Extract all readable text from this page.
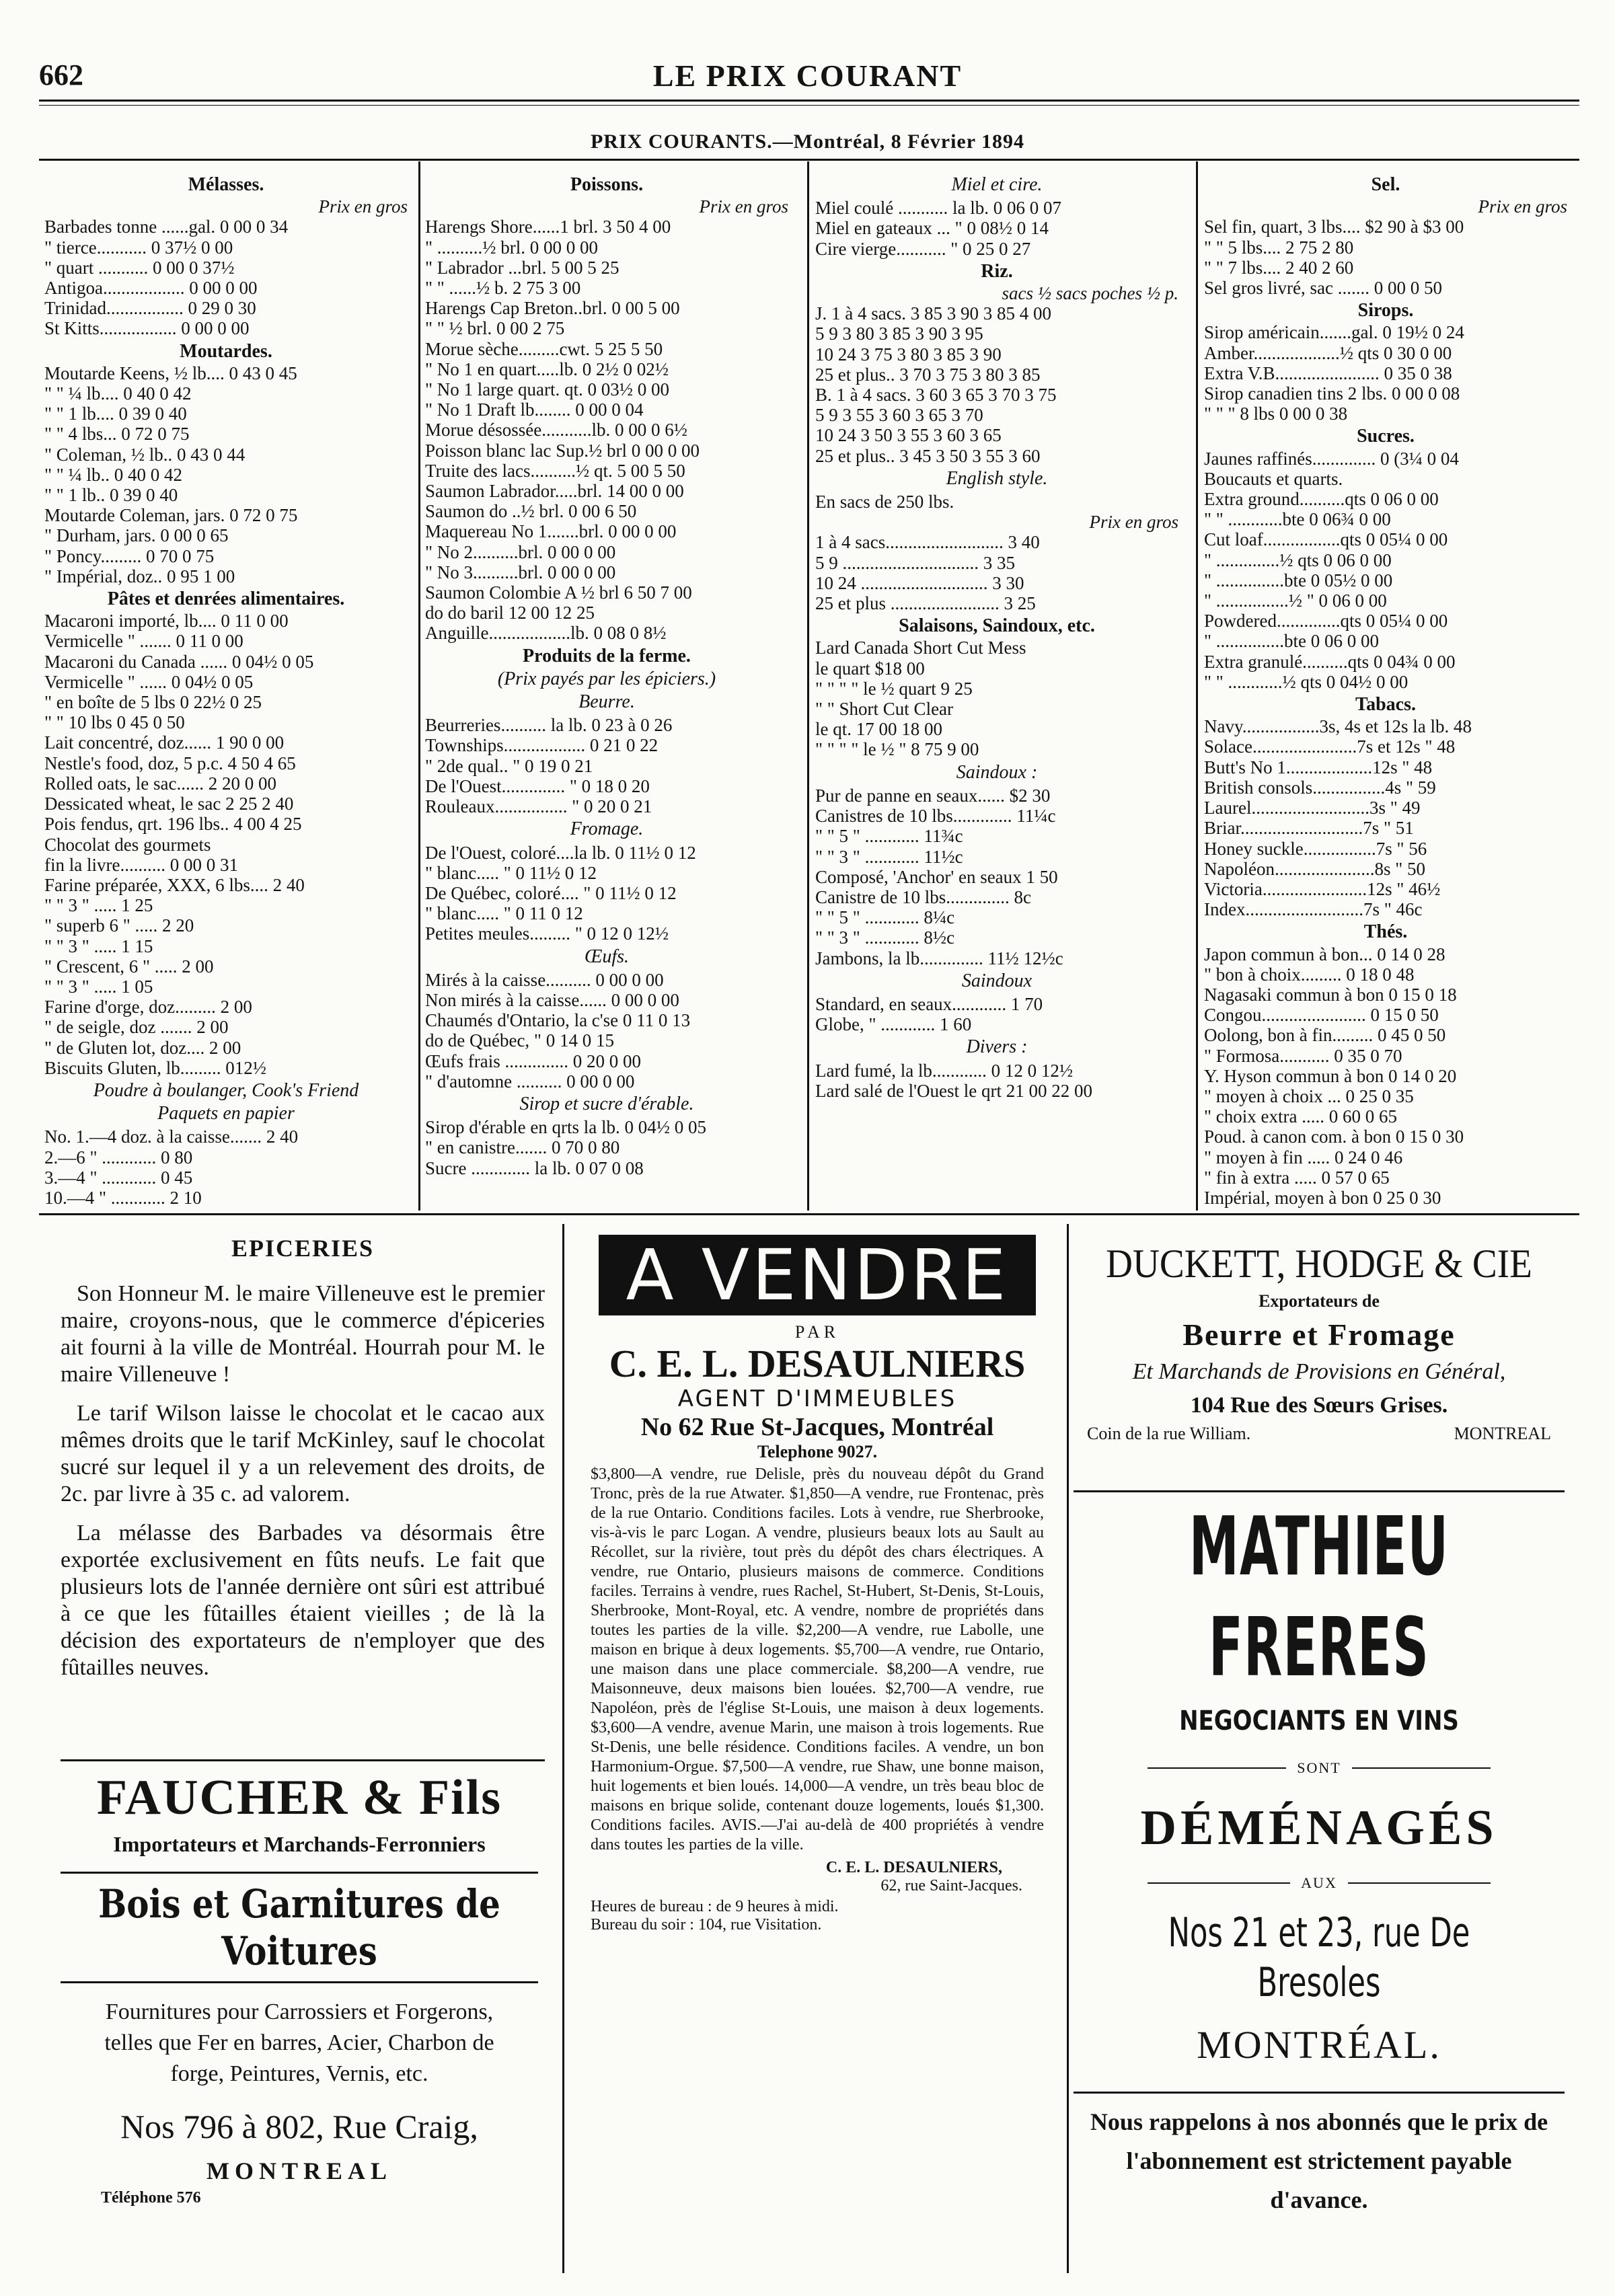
662	LE PRIX COURANT
PRIX COURANTS.—Montréal, 8 Février 1894
Mélasses.
Prix en gros
Barbades tonne ......gal. 0 00 0 34
" tierce........... 0 37½ 0 00
" quart ........... 0 00 0 37½
Antigoa.................. 0 00 0 00
Trinidad................. 0 29 0 30
St Kitts................. 0 00 0 00
Moutardes.
Moutarde Keens, ½ lb.... 0 43 0 45
" " ¼ lb.... 0 40 0 42
" " 1 lb.... 0 39 0 40
" " 4 lbs... 0 72 0 75
" Coleman, ½ lb.. 0 43 0 44
" " ¼ lb.. 0 40 0 42
" " 1 lb.. 0 39 0 40
Moutarde Coleman, jars. 0 72 0 75
" Durham, jars. 0 00 0 65
" Poncy......... 0 70 0 75
" Impérial, doz.. 0 95 1 00
Pâtes et denrées alimentaires.
Macaroni importé, lb.... 0 11 0 00
Vermicelle " ....... 0 11 0 00
Macaroni du Canada ...... 0 04½ 0 05
Vermicelle " ...... 0 04½ 0 05
" en boîte de 5 lbs 0 22½ 0 25
" " 10 lbs 0 45 0 50
Lait concentré, doz...... 1 90 0 00
Nestle's food, doz, 5 p.c. 4 50 4 65
Rolled oats, le sac...... 2 20 0 00
Dessicated wheat, le sac 2 25 2 40
Pois fendus, qrt. 196 lbs.. 4 00 4 25
Chocolat des gourmets
fin la livre.......... 0 00 0 31
Farine préparée, XXX, 6 lbs.... 2 40
" " 3 " ..... 1 25
" superb 6 " ..... 2 20
" " 3 " ..... 1 15
" Crescent, 6 " ..... 2 00
" " 3 " ..... 1 05
Farine d'orge, doz......... 2 00
" de seigle, doz ....... 2 00
" de Gluten lot, doz.... 2 00
Biscuits Gluten, lb......... 012½
Poudre à boulanger, Cook's Friend
Paquets en papier
No. 1.—4 doz. à la caisse....... 2 40
2.—6 " ............ 0 80
3.—4 " ............ 0 45
10.—4 " ............ 2 10
Poissons.
Prix en gros
Harengs Shore......1 brl. 3 50 4 00
" ..........½ brl. 0 00 0 00
" Labrador ...brl. 5 00 5 25
" " ......½ b. 2 75 3 00
Harengs Cap Breton..brl. 0 00 5 00
" " ½ brl. 0 00 2 75
Morue sèche.........cwt. 5 25 5 50
" No 1 en quart.....lb. 0 2½ 0 02½
" No 1 large quart. qt. 0 03½ 0 00
" No 1 Draft lb........ 0 00 0 04
Morue désossée...........lb. 0 00 0 6½
Poisson blanc lac Sup.½ brl 0 00 0 00
Truite des lacs..........½ qt. 5 00 5 50
Saumon Labrador.....brl. 14 00 0 00
Saumon do ..½ brl. 0 00 6 50
Maquereau No 1.......brl. 0 00 0 00
" No 2..........brl. 0 00 0 00
" No 3..........brl. 0 00 0 00
Saumon Colombie A ½ brl 6 50 7 00
do do baril 12 00 12 25
Anguille..................lb. 0 08 0 8½
Produits de la ferme.
(Prix payés par les épiciers.)
Beurre.
Beurreries.......... la lb. 0 23 à 0 26
Townships.................. 0 21 0 22
" 2de qual.. " 0 19 0 21
De l'Ouest.............. " 0 18 0 20
Rouleaux................ " 0 20 0 21
Fromage.
De l'Ouest, coloré....la lb. 0 11½ 0 12
" blanc..... " 0 11½ 0 12
De Québec, coloré.... " 0 11½ 0 12
" blanc..... " 0 11 0 12
Petites meules......... " 0 12 0 12½
Œufs.
Mirés à la caisse.......... 0 00 0 00
Non mirés à la caisse...... 0 00 0 00
Chaumés d'Ontario, la c'se 0 11 0 13
do de Québec, " 0 14 0 15
Œufs frais .............. 0 20 0 00
" d'automne .......... 0 00 0 00
Sirop et sucre d'érable.
Sirop d'érable en qrts la lb. 0 04½ 0 05
" en canistre....... 0 70 0 80
Sucre ............. la lb. 0 07 0 08
Miel et cire.
Miel coulé ........... la lb. 0 06 0 07
Miel en gateaux ... " 0 08½ 0 14
Cire vierge........... " 0 25 0 27
Riz.
sacs ½ sacs poches ½ p.
J. 1 à 4 sacs. 3 85 3 90 3 85 4 00
5 9 3 80 3 85 3 90 3 95
10 24 3 75 3 80 3 85 3 90
25 et plus.. 3 70 3 75 3 80 3 85
B. 1 à 4 sacs. 3 60 3 65 3 70 3 75
5 9 3 55 3 60 3 65 3 70
10 24 3 50 3 55 3 60 3 65
25 et plus.. 3 45 3 50 3 55 3 60
English style.
En sacs de 250 lbs.
Prix en gros
1 à 4 sacs.......................... 3 40
5 9 .............................. 3 35
10 24 ............................ 3 30
25 et plus ........................ 3 25
Salaisons, Saindoux, etc.
Lard Canada Short Cut Mess
le quart $18 00
" " " " le ½ quart 9 25
" " Short Cut Clear
le qt. 17 00 18 00
" " " " le ½ " 8 75 9 00
Saindoux :
Pur de panne en seaux...... $2 30
Canistres de 10 lbs............. 11¼c
" " 5 " ............ 11¾c
" " 3 " ............ 11½c
Composé, 'Anchor' en seaux 1 50
Canistre de 10 lbs.............. 8c
" " 5 " ............ 8¼c
" " 3 " ............ 8½c
Jambons, la lb.............. 11½ 12½c
Saindoux
Standard, en seaux............ 1 70
Globe, " ............ 1 60
Divers :
Lard fumé, la lb............ 0 12 0 12½
Lard salé de l'Ouest le qrt 21 00 22 00
Sel.
Prix en gros
Sel fin, quart, 3 lbs.... $2 90 à $3 00
" " 5 lbs.... 2 75 2 80
" " 7 lbs.... 2 40 2 60
Sel gros livré, sac ....... 0 00 0 50
Sirops.
Sirop américain.......gal. 0 19½ 0 24
Amber...................½ qts 0 30 0 00
Extra V.B....................... 0 35 0 38
Sirop canadien tins 2 lbs. 0 00 0 08
" " " 8 lbs 0 00 0 38
Sucres.
Jaunes raffinés.............. 0 (3¼ 0 04
Boucauts et quarts.
Extra ground..........qts 0 06 0 00
" " ............bte 0 06¾ 0 00
Cut loaf.................qts 0 05¼ 0 00
" ..............½ qts 0 06 0 00
" ...............bte 0 05½ 0 00
" ................½ " 0 06 0 00
Powdered..............qts 0 05¼ 0 00
" ...............bte 0 06 0 00
Extra granulé..........qts 0 04¾ 0 00
" " ............½ qts 0 04½ 0 00
Tabacs.
Navy.................3s, 4s et 12s la lb. 48
Solace.......................7s et 12s " 48
Butt's No 1...................12s " 48
British consols................4s " 59
Laurel..........................3s " 49
Briar...........................7s " 51
Honey suckle................7s " 56
Napoléon......................8s " 50
Victoria.......................12s " 46½
Index..........................7s " 46c
Thés.
Japon commun à bon... 0 14 0 28
" bon à choix......... 0 18 0 48
Nagasaki commun à bon 0 15 0 18
Congou....................... 0 15 0 50
Oolong, bon à fin......... 0 45 0 50
" Formosa........... 0 35 0 70
Y. Hyson commun à bon 0 14 0 20
" moyen à choix ... 0 25 0 35
" choix extra ..... 0 60 0 65
Poud. à canon com. à bon 0 15 0 30
" moyen à fin ..... 0 24 0 46
" fin à extra ..... 0 57 0 65
Impérial, moyen à bon 0 25 0 30
EPICERIES

Son Honneur M. le maire Villeneuve est le premier maire, croyons-nous, que le commerce d'épiceries ait fourni à la ville de Montréal. Hourrah pour M. le maire Villeneuve !

Le tarif Wilson laisse le chocolat et le cacao aux mêmes droits que le tarif McKinley, sauf le chocolat sucré sur lequel il y a un relevement des droits, de 2c. par livre à 35 c. ad valorem.

La mélasse des Barbades va désormais être exportée exclusivement en fûts neufs. Le fait que plusieurs lots de l'année dernière ont sûri est attribué à ce que les fûtailles étaient vieilles ; de là la décision des exportateurs de n'employer que des fûtailles neuves.

FAUCHER & Fils
Importateurs et Marchands-Ferronniers
Bois et Garnitures de Voitures
Fournitures pour Carrossiers et Forgerons, telles que Fer en barres, Acier, Charbon de forge, Peintures, Vernis, etc.
Nos 796 à 802, Rue Craig,
MONTREAL
Téléphone 576
A VENDRE
PAR
C. E. L. DESAULNIERS
AGENT D'IMMEUBLES
No 62 Rue St-Jacques, Montréal
Telephone 9027.
$3,800—A vendre, rue Delisle, près du nouveau dépôt du Grand Tronc, près de la rue Atwater. $1,850—A vendre, rue Frontenac, près de la rue Ontario. Conditions faciles. Lots à vendre, rue Sherbrooke, vis-à-vis le parc Logan. A vendre, plusieurs beaux lots au Sault au Récollet, sur la rivière, tout près du dépôt des chars électriques. A vendre, rue Ontario, plusieurs maisons de commerce. Conditions faciles. Terrains à vendre, rues Rachel, St-Hubert, St-Denis, St-Louis, Sherbrooke, Mont-Royal, etc. A vendre, nombre de propriétés dans toutes les parties de la ville. $2,200—A vendre, rue Labolle, une maison en brique à deux logements. $5,700—A vendre, rue Ontario, une maison dans une place commerciale. $8,200—A vendre, rue Maisonneuve, deux maisons bien louées. $2,700—A vendre, rue Napoléon, près de l'église St-Louis, une maison à deux logements. $3,600—A vendre, avenue Marin, une maison à trois logements. Rue St-Denis, une belle résidence. Conditions faciles. A vendre, un bon Harmonium-Orgue. $7,500—A vendre, rue Shaw, une bonne maison, huit logements et bien loués. 14,000—A vendre, un très beau bloc de maisons en brique solide, contenant douze logements, loués $1,300. Conditions faciles. AVIS.—J'ai au-delà de 400 propriétés à vendre dans toutes les parties de la ville.
C. E. L. DESAULNIERS,
62, rue Saint-Jacques.
Heures de bureau : de 9 heures à midi.
Bureau du soir : 104, rue Visitation.
DUCKETT, HODGE & CIE
Exportateurs de
Beurre et Fromage
Et Marchands de Provisions en Général,
104 Rue des Sœurs Grises.
Coin de la rue William.	MONTREAL
MATHIEU FRERES
NEGOCIANTS EN VINS
SONT
DÉMÉNAGÉS
AUX
Nos 21 et 23, rue De Bresoles
MONTRÉAL.
Nous rappelons à nos abonnés que le prix de l'abonnement est strictement payable d'avance.
